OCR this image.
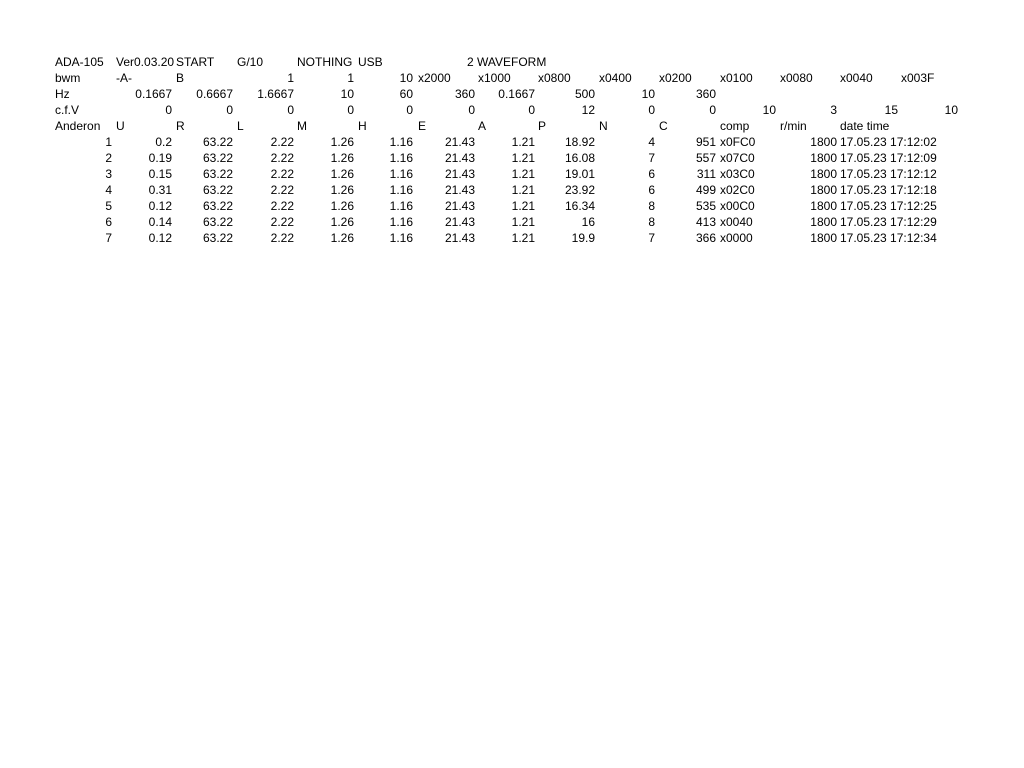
ADA-105 Ver0.03.20 START G/10	NOTHING USB	2 WAVEFORM
bwm	-A-	B	1	1	10 x2000 x1000 x0800 x0400 x0200 x0100 x0080 x0040 x003F
Hz	0.1667 0.6667 1.6667	10	60	360 0.1667	500	10	360
c.f.V	0	0	0	0	0	0	0	12	0	0	10	3	15	10
Anderon U	R	L	M	H	E	A	P	N	C	comp	r/min	date time
1	0.2	63.22	2.22	1.26	1.16	21.43	1.21 18.92	4	951 x0FC0	1800 17.05.23 17:12:02
2	0.19	63.22	2.22	1.26	1.16	21.43	1.21 16.08	7	557 x07C0	1800 17.05.23 17:12:09
3	0.15	63.22	2.22	1.26	1.16	21.43	1.21 19.01	6	311 x03C0	1800 17.05.23 17:12:12
4	0.31	63.22	2.22	1.26	1.16	21.43	1.21 23.92	6	499 x02C0	1800 17.05.23 17:12:18
5	0.12	63.22	2.22	1.26	1.16	21.43	1.21 16.34	8	535 x00C0	1800 17.05.23 17:12:25
6	0.14	63.22	2.22	1.26	1.16	21.43	1.21	16	8	413 x0040	1800 17.05.23 17:12:29
7	0.12	63.22	2.22	1.26	1.16	21.43	1.21	19.9	7	366 x0000	1800 17.05.23 17:12:34
